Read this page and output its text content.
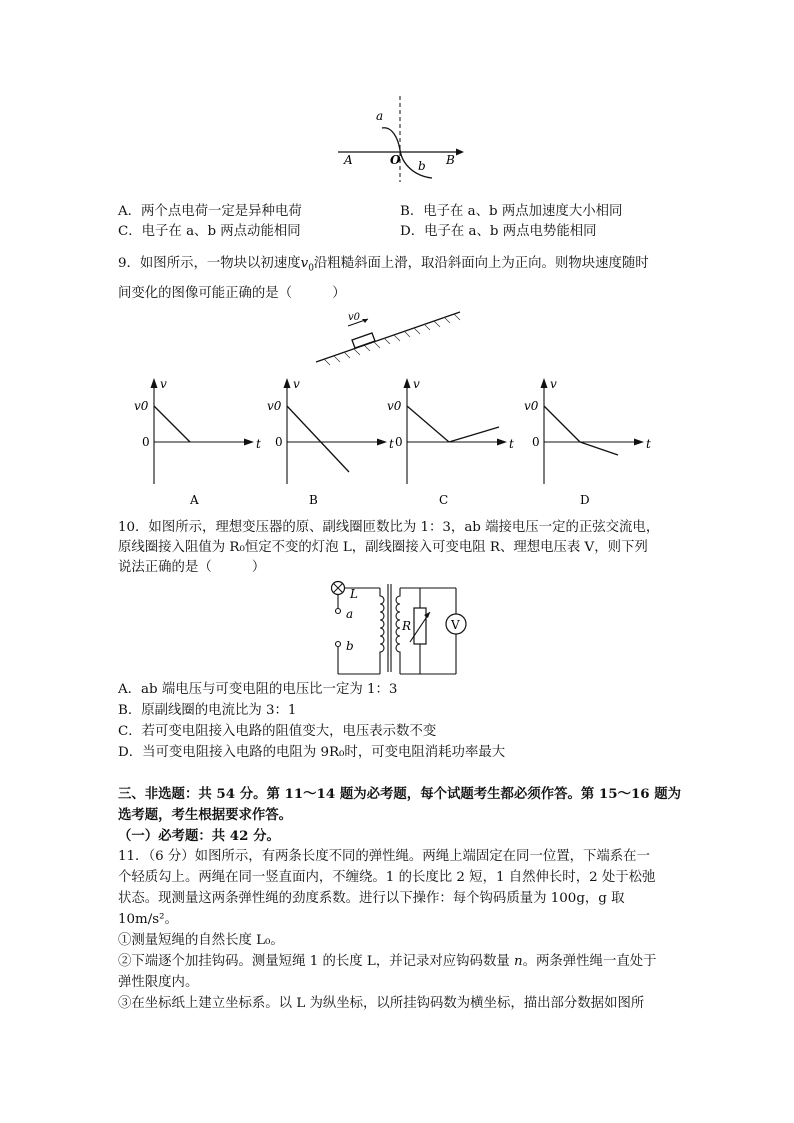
a
b
O
A	B
A．两个点电荷一定是异种电荷	B．电子在 a、b 两点加速度大小相同
C．电子在 a、b 两点动能相同	D．电子在 a、b 两点电势能相同
9．如图所示，一物块以初速度$v_0$沿粗糙斜面上滑，取沿斜面向上为正向。则物块速度随时
间变化的图像可能正确的是（　　　）
v0
v
t
v0
0
A
v
t
v0
0
B
v
t
v0
0
C
v
t
v0
0
D
10．如图所示，理想变压器的原、副线圈匝数比为 1：3，ab 端接电压一定的正弦交流电，
原线圈接入阻值为 R₀恒定不变的灯泡 L，副线圈接入可变电阻 R、理想电压表 V，则下列
说法正确的是（　　　）
L
a
b
R	V
A．ab 端电压与可变电阻的电压比一定为 1：3
B．原副线圈的电流比为 3：1
C．若可变电阻接入电路的阻值变大，电压表示数不变
D．当可变电阻接入电路的电阻为 9R₀时，可变电阻消耗功率最大
三、非选题：共 54 分。第 11～14 题为必考题，每个试题考生都必须作答。第 15～16 题为
选考题，考生根据要求作答。
（一）必考题：共 42 分。
11．（6 分）如图所示，有两条长度不同的弹性绳。两绳上端固定在同一位置，下端系在一
个轻质勾上。两绳在同一竖直面内，不缠绕。1 的长度比 2 短，1 自然伸长时，2 处于松弛
状态。现测量这两条弹性绳的劲度系数。进行以下操作：每个钩码质量为 100g，g 取
10m/s²。
①测量短绳的自然长度 L₀。
②下端逐个加挂钩码。测量短绳 1 的长度 L，并记录对应钩码数量 n。两条弹性绳一直处于
弹性限度内。
③在坐标纸上建立坐标系。以 L 为纵坐标，以所挂钩码数为横坐标，描出部分数据如图所
